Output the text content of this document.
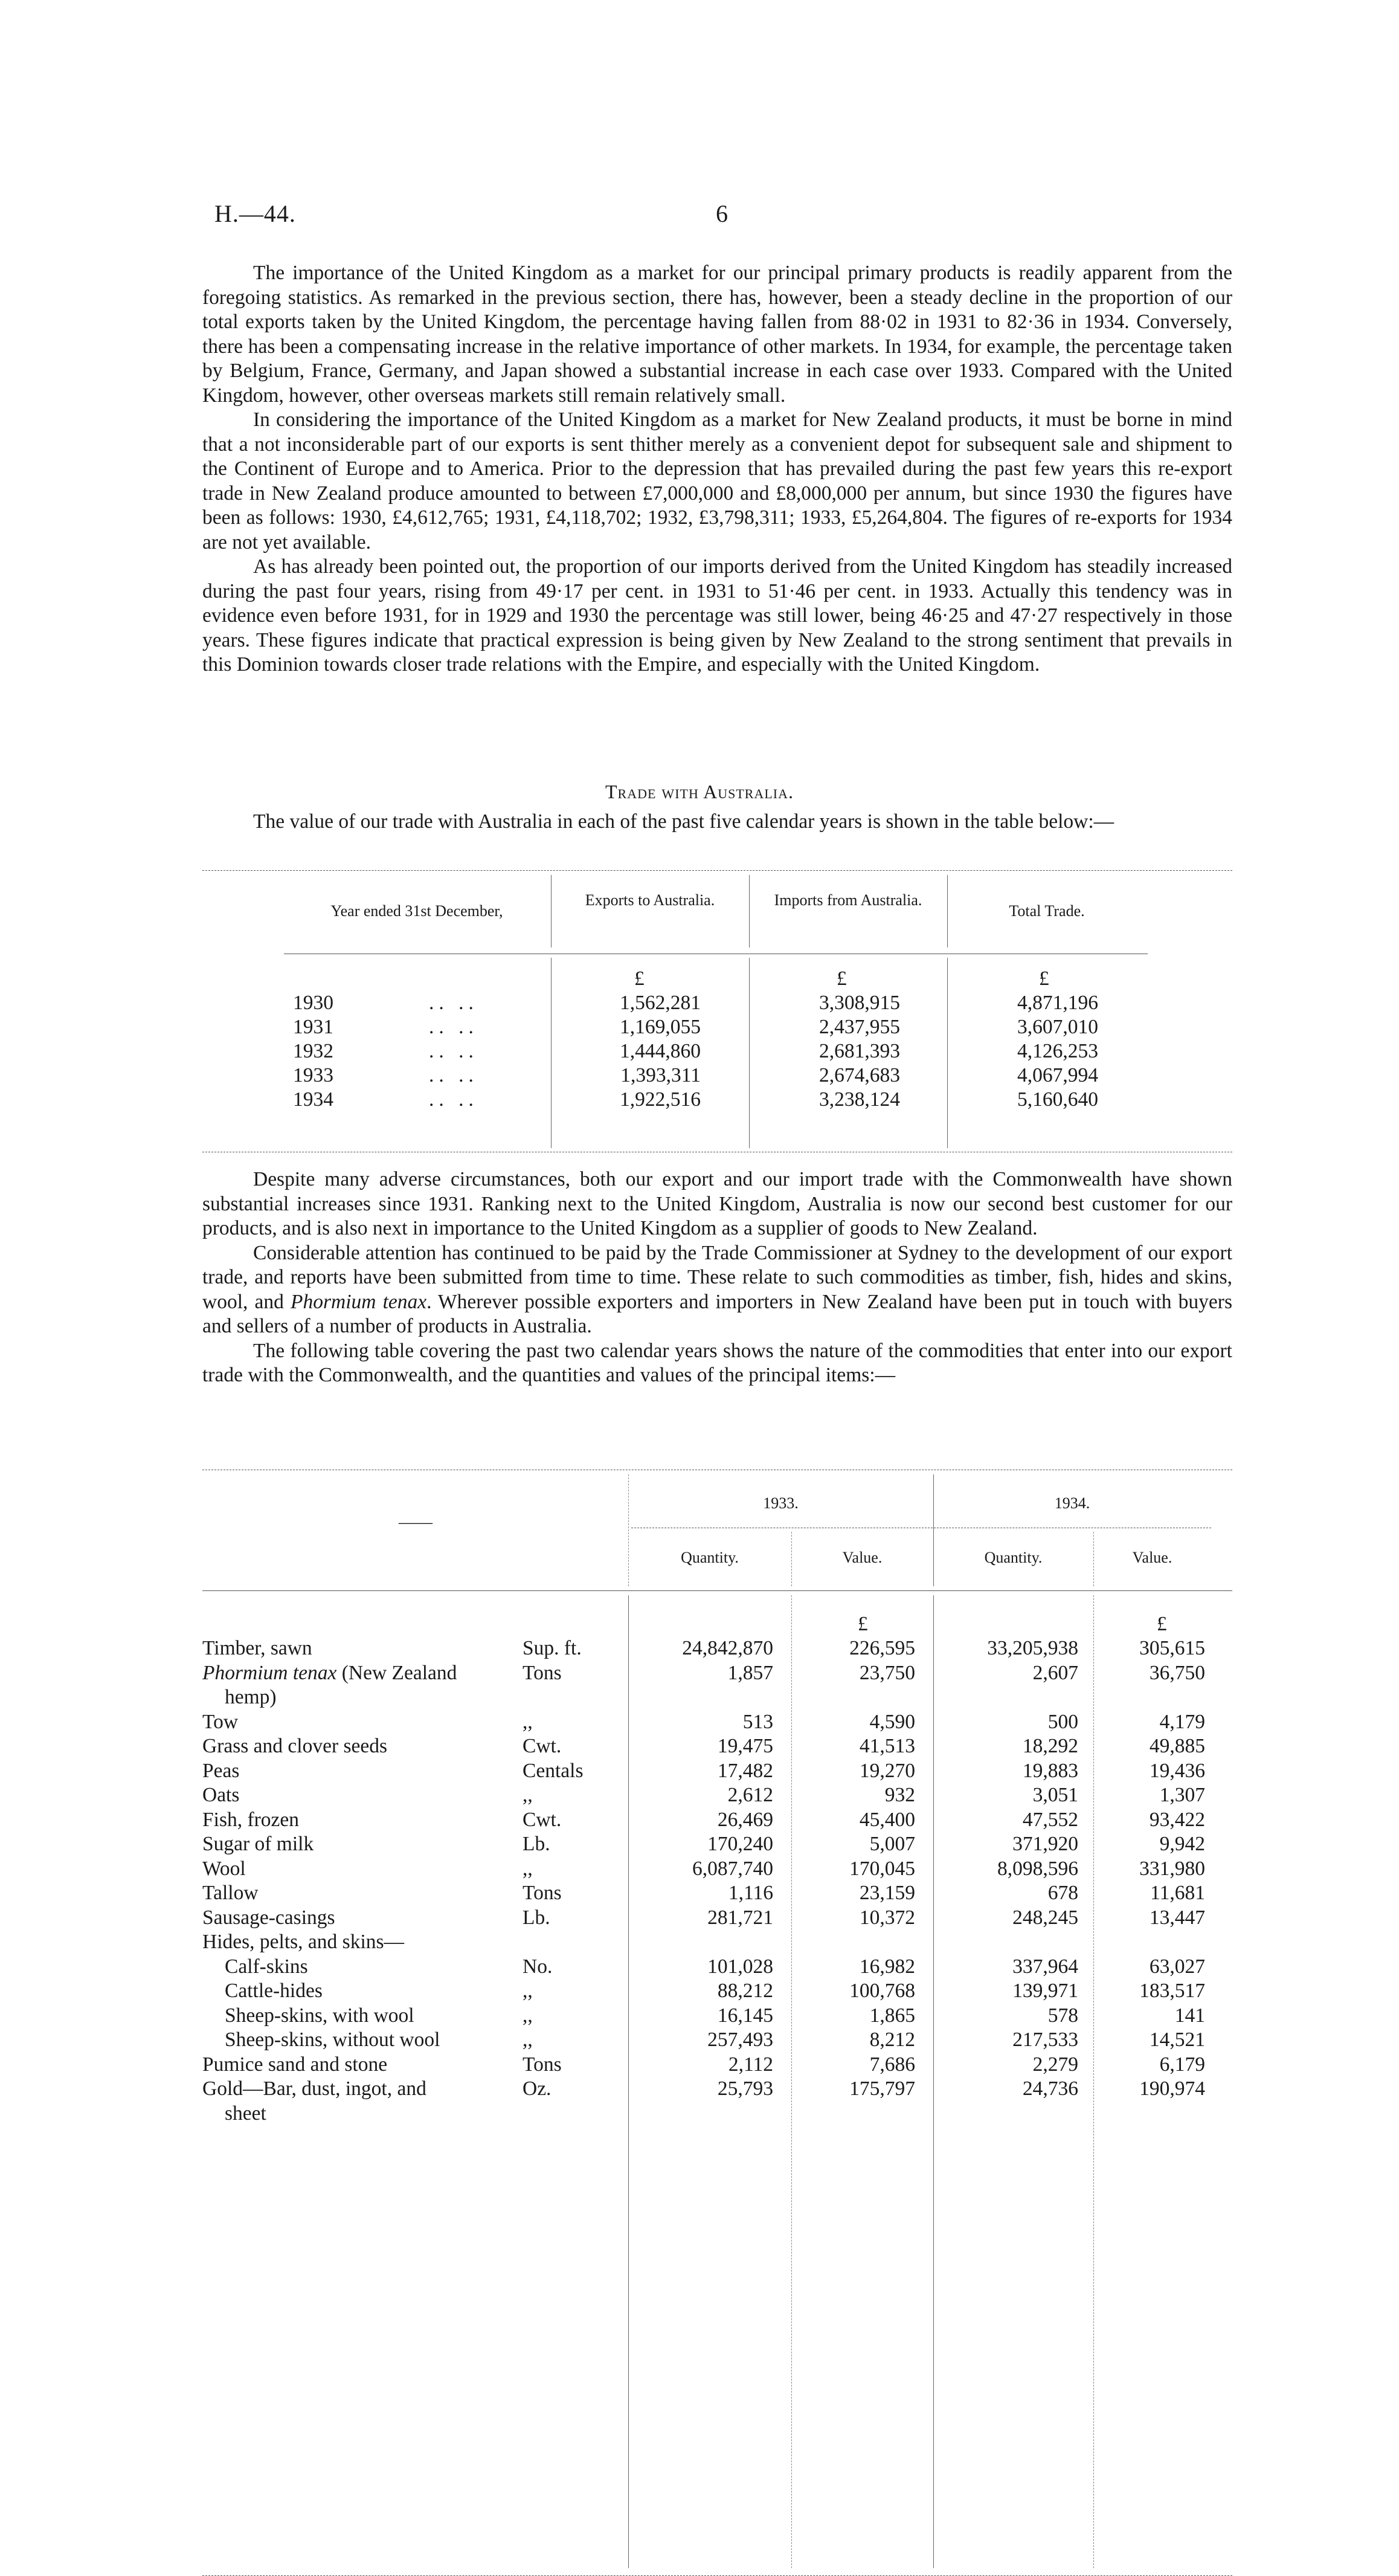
H.—44.	6

The importance of the United Kingdom as a market for our principal primary products is readily apparent from the foregoing statistics. As remarked in the previous section, there has, however, been a steady decline in the proportion of our total exports taken by the United Kingdom, the percentage having fallen from 88·02 in 1931 to 82·36 in 1934. Conversely, there has been a compensating increase in the relative importance of other markets. In 1934, for example, the percentage taken by Belgium, France, Germany, and Japan showed a substantial increase in each case over 1933. Compared with the United Kingdom, however, other overseas markets still remain relatively small.

In considering the importance of the United Kingdom as a market for New Zealand products, it must be borne in mind that a not inconsiderable part of our exports is sent thither merely as a convenient depot for subsequent sale and shipment to the Continent of Europe and to America. Prior to the depression that has prevailed during the past few years this re-export trade in New Zealand produce amounted to between £7,000,000 and £8,000,000 per annum, but since 1930 the figures have been as follows: 1930, £4,612,765; 1931, £4,118,702; 1932, £3,798,311; 1933, £5,264,804. The figures of re-exports for 1934 are not yet available.

As has already been pointed out, the proportion of our imports derived from the United Kingdom has steadily increased during the past four years, rising from 49·17 per cent. in 1931 to 51·46 per cent. in 1933. Actually this tendency was in evidence even before 1931, for in 1929 and 1930 the percentage was still lower, being 46·25 and 47·27 respectively in those years. These figures indicate that practical expression is being given by New Zealand to the strong sentiment that prevails in this Dominion towards closer trade relations with the Empire, and especially with the United Kingdom.

Trade with Australia.

The value of our trade with Australia in each of the past five calendar years is shown in the table below:—

Year ended 31st December,
Exports to Australia.	Imports from Australia.
Total Trade.
£	£	£
1930	.. ..	1,562,281	3,308,915	4,871,196
1931	.. ..	1,169,055	2,437,955	3,607,010
1932	.. ..	1,444,860	2,681,393	4,126,253
1933	.. ..	1,393,311	2,674,683	4,067,994
1934	.. ..	1,922,516	3,238,124	5,160,640

Despite many adverse circumstances, both our export and our import trade with the Commonwealth have shown substantial increases since 1931. Ranking next to the United Kingdom, Australia is now our second best customer for our products, and is also next in importance to the United Kingdom as a supplier of goods to New Zealand.

Considerable attention has continued to be paid by the Trade Commissioner at Sydney to the development of our export trade, and reports have been submitted from time to time. These relate to such commodities as timber, fish, hides and skins, wool, and Phormium tenax. Wherever possible exporters and importers in New Zealand have been put in touch with buyers and sellers of a number of products in Australia.

The following table covering the past two calendar years shows the nature of the commodities that enter into our export trade with the Commonwealth, and the quantities and values of the principal items:—

——
1933.	1934.
Quantity.	Value.	Quantity.	Value.
£	£
Timber, sawn	Sup. ft.	24,842,870	226,595	33,205,938	305,615
Phormium tenax (New Zealand	Tons	1,857	23,750	2,607	36,750
hemp)
Tow	,,	513	4,590	500	4,179
Grass and clover seeds	Cwt.	19,475	41,513	18,292	49,885
Peas	Centals	17,482	19,270	19,883	19,436
Oats	,,	2,612	932	3,051	1,307
Fish, frozen	Cwt.	26,469	45,400	47,552	93,422
Sugar of milk	Lb.	170,240	5,007	371,920	9,942
Wool	,,	6,087,740	170,045	8,098,596	331,980
Tallow	Tons	1,116	23,159	678	11,681
Sausage-casings	Lb.	281,721	10,372	248,245	13,447
Hides, pelts, and skins—
Calf-skins	No.	101,028	16,982	337,964	63,027
Cattle-hides	,,	88,212	100,768	139,971	183,517
Sheep-skins, with wool	,,	16,145	1,865	578	141
Sheep-skins, without wool	,,	257,493	8,212	217,533	14,521
Pumice sand and stone	Tons	2,112	7,686	2,279	6,179
Gold—Bar, dust, ingot, and	Oz.	25,793	175,797	24,736	190,974
sheet
